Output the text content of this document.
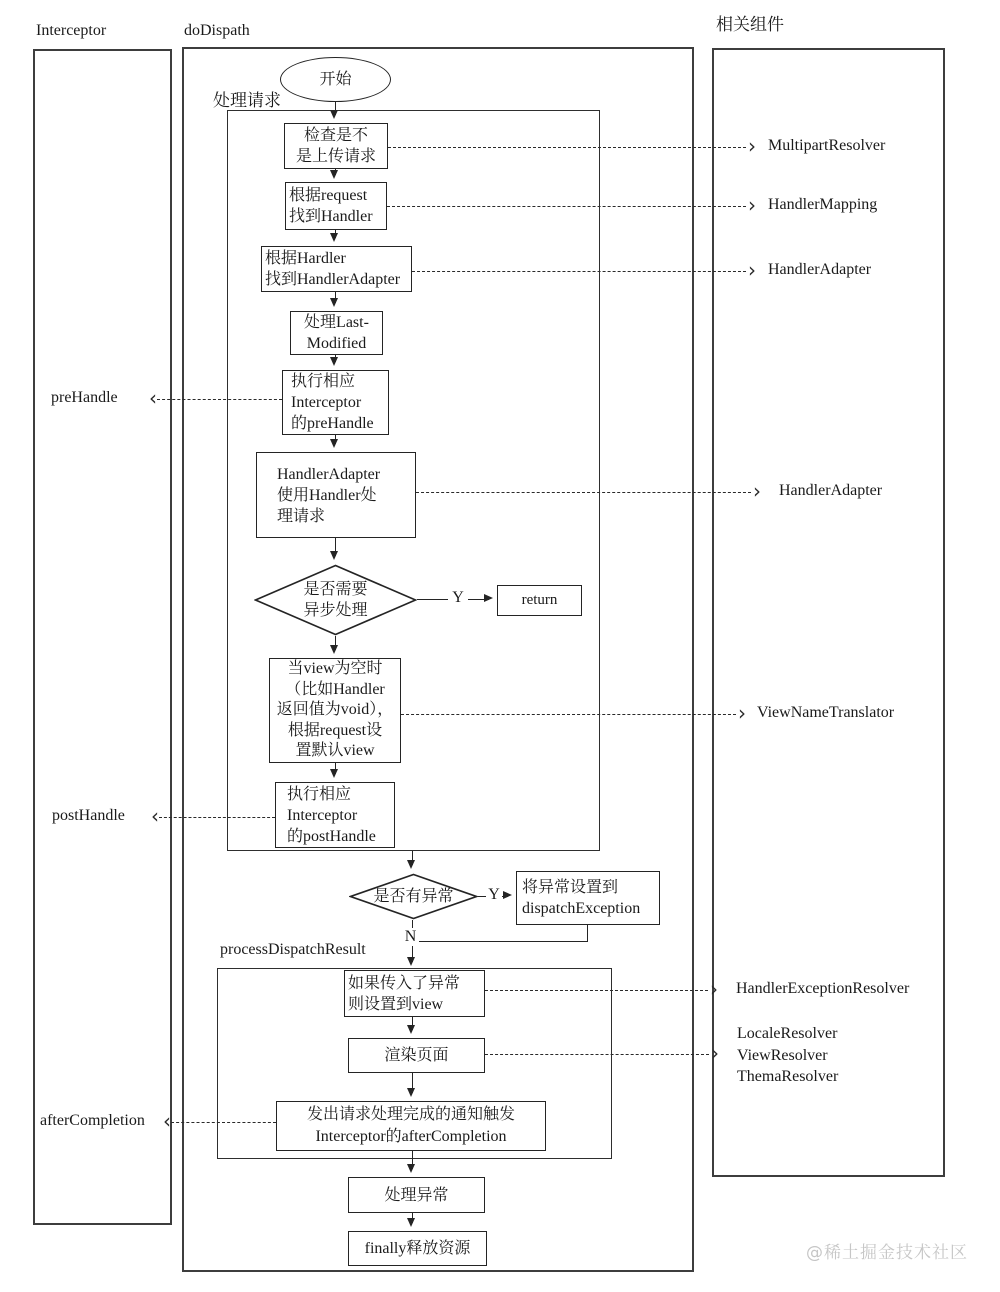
Interceptor	doDispath	相关组件
处理请求
processDispatchResult
开始
检查是不
是上传请求
根据request
找到Handler
根据Hardler
找到HandlerAdapter
处理Last-
Modified
执行相应
Interceptor
的preHandle
HandlerAdapter
使用Handler处
理请求
是否需要
异步处理
return
当view为空时
（比如Handler
返回值为void），
根据request设
置默认view
执行相应
Interceptor
的postHandle
是否有异常
将异常设置到
dispatchException
如果传入了异常
则设置到view
渲染页面
发出请求处理完成的通知触发
Interceptor的afterCompletion
处理异常
finally释放资源
Y
Y
N
› MultipartResolver
› HandlerMapping
› HandlerAdapter
› HandlerAdapter
› ViewNameTranslator
› HandlerExceptionResolver
›
LocaleResolver
ViewResolver
ThemaResolver
‹
preHandle
‹
postHandle
‹
afterCompletion
@稀土掘金技术社区
